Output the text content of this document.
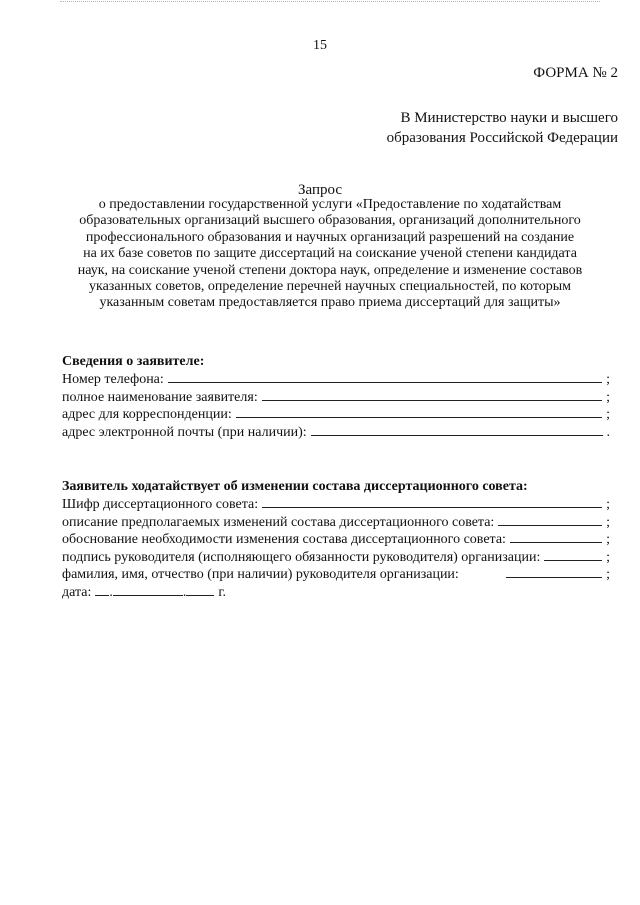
15
ФОРМА № 2
В Министерство науки и высшего
образования Российской Федерации
Запрос
о предоставлении государственной услуги «Предоставление по ходатайствам
образовательных организаций высшего образования, организаций дополнительного
профессионального образования и научных организаций разрешений на создание
на их базе советов по защите диссертаций на соискание ученой степени кандидата
наук, на соискание ученой степени доктора наук, определение и изменение составов
указанных советов, определение перечней научных специальностей, по которым
указанным советам предоставляется право приема диссертаций для защиты»
Сведения о заявителе:
Номер телефона:	;
полное наименование заявителя:	;
адрес для корреспонденции:	;
адрес электронной почты (при наличии):	.
Заявитель ходатайствует об изменении состава диссертационного совета:
Шифр диссертационного совета:	;
описание предполагаемых изменений состава диссертационного совета:	;
обоснование необходимости изменения состава диссертационного совета:	;
подпись руководителя (исполняющего обязанности руководителя) организации:	;
фамилия, имя, отчество (при наличии) руководителя организации:	;
дата: .	. г.
